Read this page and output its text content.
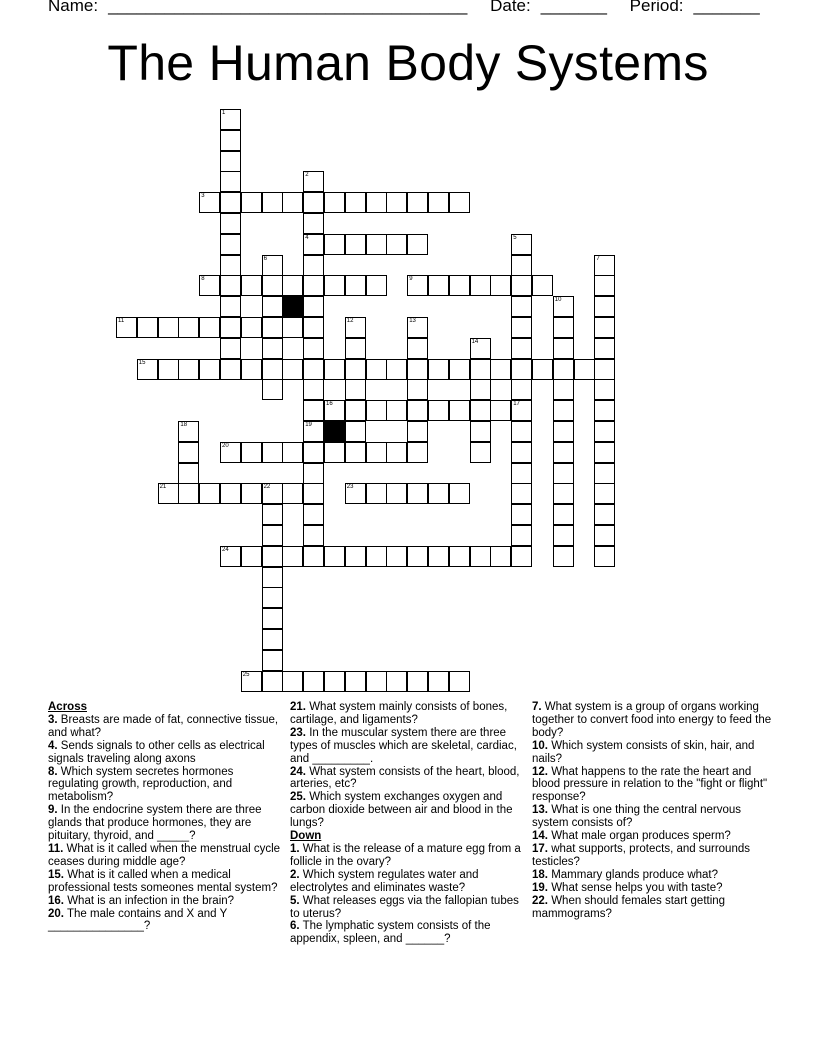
Name: ______________________________________ Date: _______ Period: _______
The Human Body Systems
1
2
4
19
3
5
17
6	7
8	9
10
11	12	13
14
15
16
18
20
21	22	23
24
25

Across

3. Breasts are made of fat, connective tissue, and what?

4. Sends signals to other cells as electrical signals traveling along axons

8. Which system secretes hormones regulating growth, reproduction, and metabolism?

9. In the endocrine system there are three glands that produce hormones, they are pituitary, thyroid, and _____?

11. What is it called when the menstrual cycle ceases during middle age?

15. What is it called when a medical professional tests someones mental system?

16. What is an infection in the brain?

20. The male contains and X and Y _______________?

21. What system mainly consists of bones, cartilage, and ligaments?

23. In the muscular system there are three types of muscles which are skeletal, cardiac, and _________.

24. What system consists of the heart, blood, arteries, etc?

25. Which system exchanges oxygen and carbon dioxide between air and blood in the lungs?

Down

1. What is the release of a mature egg from a follicle in the ovary?

2. Which system regulates water and electrolytes and eliminates waste?

5. What releases eggs via the fallopian tubes to uterus?

6. The lymphatic system consists of the appendix, spleen, and ______?

7. What system is a group of organs working together to convert food into energy to feed the body?

10. Which system consists of skin, hair, and nails?

12. What happens to the rate the heart and blood pressure in relation to the "fight or flight" response?

13. What is one thing the central nervous system consists of?

14. What male organ produces sperm?

17. what supports, protects, and surrounds testicles?

18. Mammary glands produce what?

19. What sense helps you with taste?

22. When should females start getting mammograms?
